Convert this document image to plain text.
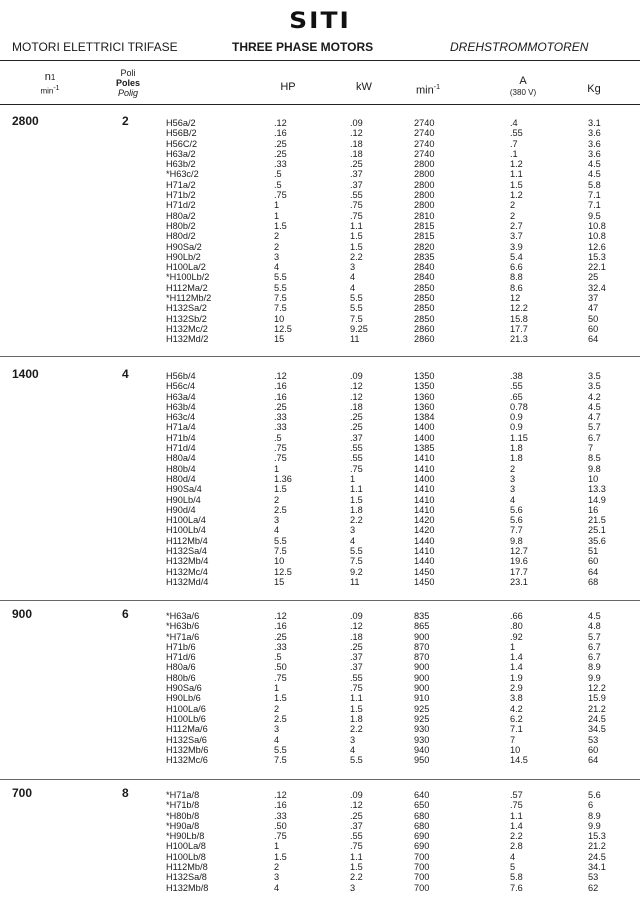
SITI
MOTORI ELETTRICI TRIFASE	THREE PHASE MOTORS	DREHSTROMMOTOREN
n1
$\min^{-1}$
Poli
Poles
Polig	HP	kW	$\min^{-1}$
A
(380 V)	Kg
2800	2	H56a/2	.12	.09	2740	.4	3.1
H56B/2	.16	.12	2740	.55	3.6
H56C/2	.25	.18	2740	.7	3.6
H63a/2	.25	.18	2740	.1	3.6
H63b/2	.33	.25	2800	1.2	4.5
*H63c/2	.5	.37	2800	1.1	4.5
H71a/2	.5	.37	2800	1.5	5.8
H71b/2	.75	.55	2800	1.2	7.1
H71d/2	1	.75	2800	2	7.1
H80a/2	1	.75	2810	2	9.5
H80b/2	1.5	1.1	2815	2.7	10.8
H80d/2	2	1.5	2815	3.7	10.8
H90Sa/2	2	1.5	2820	3.9	12.6
H90Lb/2	3	2.2	2835	5.4	15.3
H100La/2	4	3	2840	6.6	22.1
*H100Lb/2	5.5	4	2840	8.8	25
H112Ma/2	5.5	4	2850	8.6	32.4
*H112Mb/2	7.5	5.5	2850	12	37
H132Sa/2	7.5	5.5	2850	12.2	47
H132Sb/2	10	7.5	2850	15.8	50
H132Mc/2	12.5	9.25	2860	17.7	60
H132Md/2	15	11	2860	21.3	64
1400	4	H56b/4	.12	.09	1350	.38	3.5
H56c/4	.16	.12	1350	.55	3.5
H63a/4	.16	.12	1360	.65	4.2
H63b/4	.25	.18	1360	0.78	4.5
H63c/4	.33	.25	1384	0.9	4.7
H71a/4	.33	.25	1400	0.9	5.7
H71b/4	.5	.37	1400	1.15	6.7
H71d/4	.75	.55	1385	1.8	7
H80a/4	.75	.55	1410	1.8	8.5
H80b/4	1	.75	1410	2	9.8
H80d/4	1.36	1	1400	3	10
H90Sa/4	1.5	1.1	1410	3	13.3
H90Lb/4	2	1.5	1410	4	14.9
H90d/4	2.5	1.8	1410	5.6	16
H100La/4	3	2.2	1420	5.6	21.5
H100Lb/4	4	3	1420	7.7	25.1
H112Mb/4	5.5	4	1440	9.8	35.6
H132Sa/4	7.5	5.5	1410	12.7	51
H132Mb/4	10	7.5	1440	19.6	60
H132Mc/4	12.5	9.2	1450	17.7	64
H132Md/4	15	11	1450	23.1	68
900	6	*H63a/6	.12	.09	835	.66	4.5
*H63b/6	.16	.12	865	.80	4.8
*H71a/6	.25	.18	900	.92	5.7
H71b/6	.33	.25	870	1	6.7
H71d/6	.5	.37	870	1.4	6.7
H80a/6	.50	.37	900	1.4	8.9
H80b/6	.75	.55	900	1.9	9.9
H90Sa/6	1	.75	900	2.9	12.2
H90Lb/6	1.5	1.1	910	3.8	15.9
H100La/6	2	1.5	925	4.2	21.2
H100Lb/6	2.5	1.8	925	6.2	24.5
H112Ma/6	3	2.2	930	7.1	34.5
H132Sa/6	4	3	930	7	53
H132Mb/6	5.5	4	940	10	60
H132Mc/6	7.5	5.5	950	14.5	64
700	8	*H71a/8	.12	.09	640	.57	5.6
*H71b/8	.16	.12	650	.75	6
*H80b/8	.33	.25	680	1.1	8.9
*H90a/8	.50	.37	680	1.4	9.9
*H90Lb/8	.75	.55	690	2.2	15.3
H100La/8	1	.75	690	2.8	21.2
H100Lb/8	1.5	1.1	700	4	24.5
H112Mb/8	2	1.5	700	5	34.1
H132Sa/8	3	2.2	700	5.8	53
H132Mb/8	4	3	700	7.6	62
